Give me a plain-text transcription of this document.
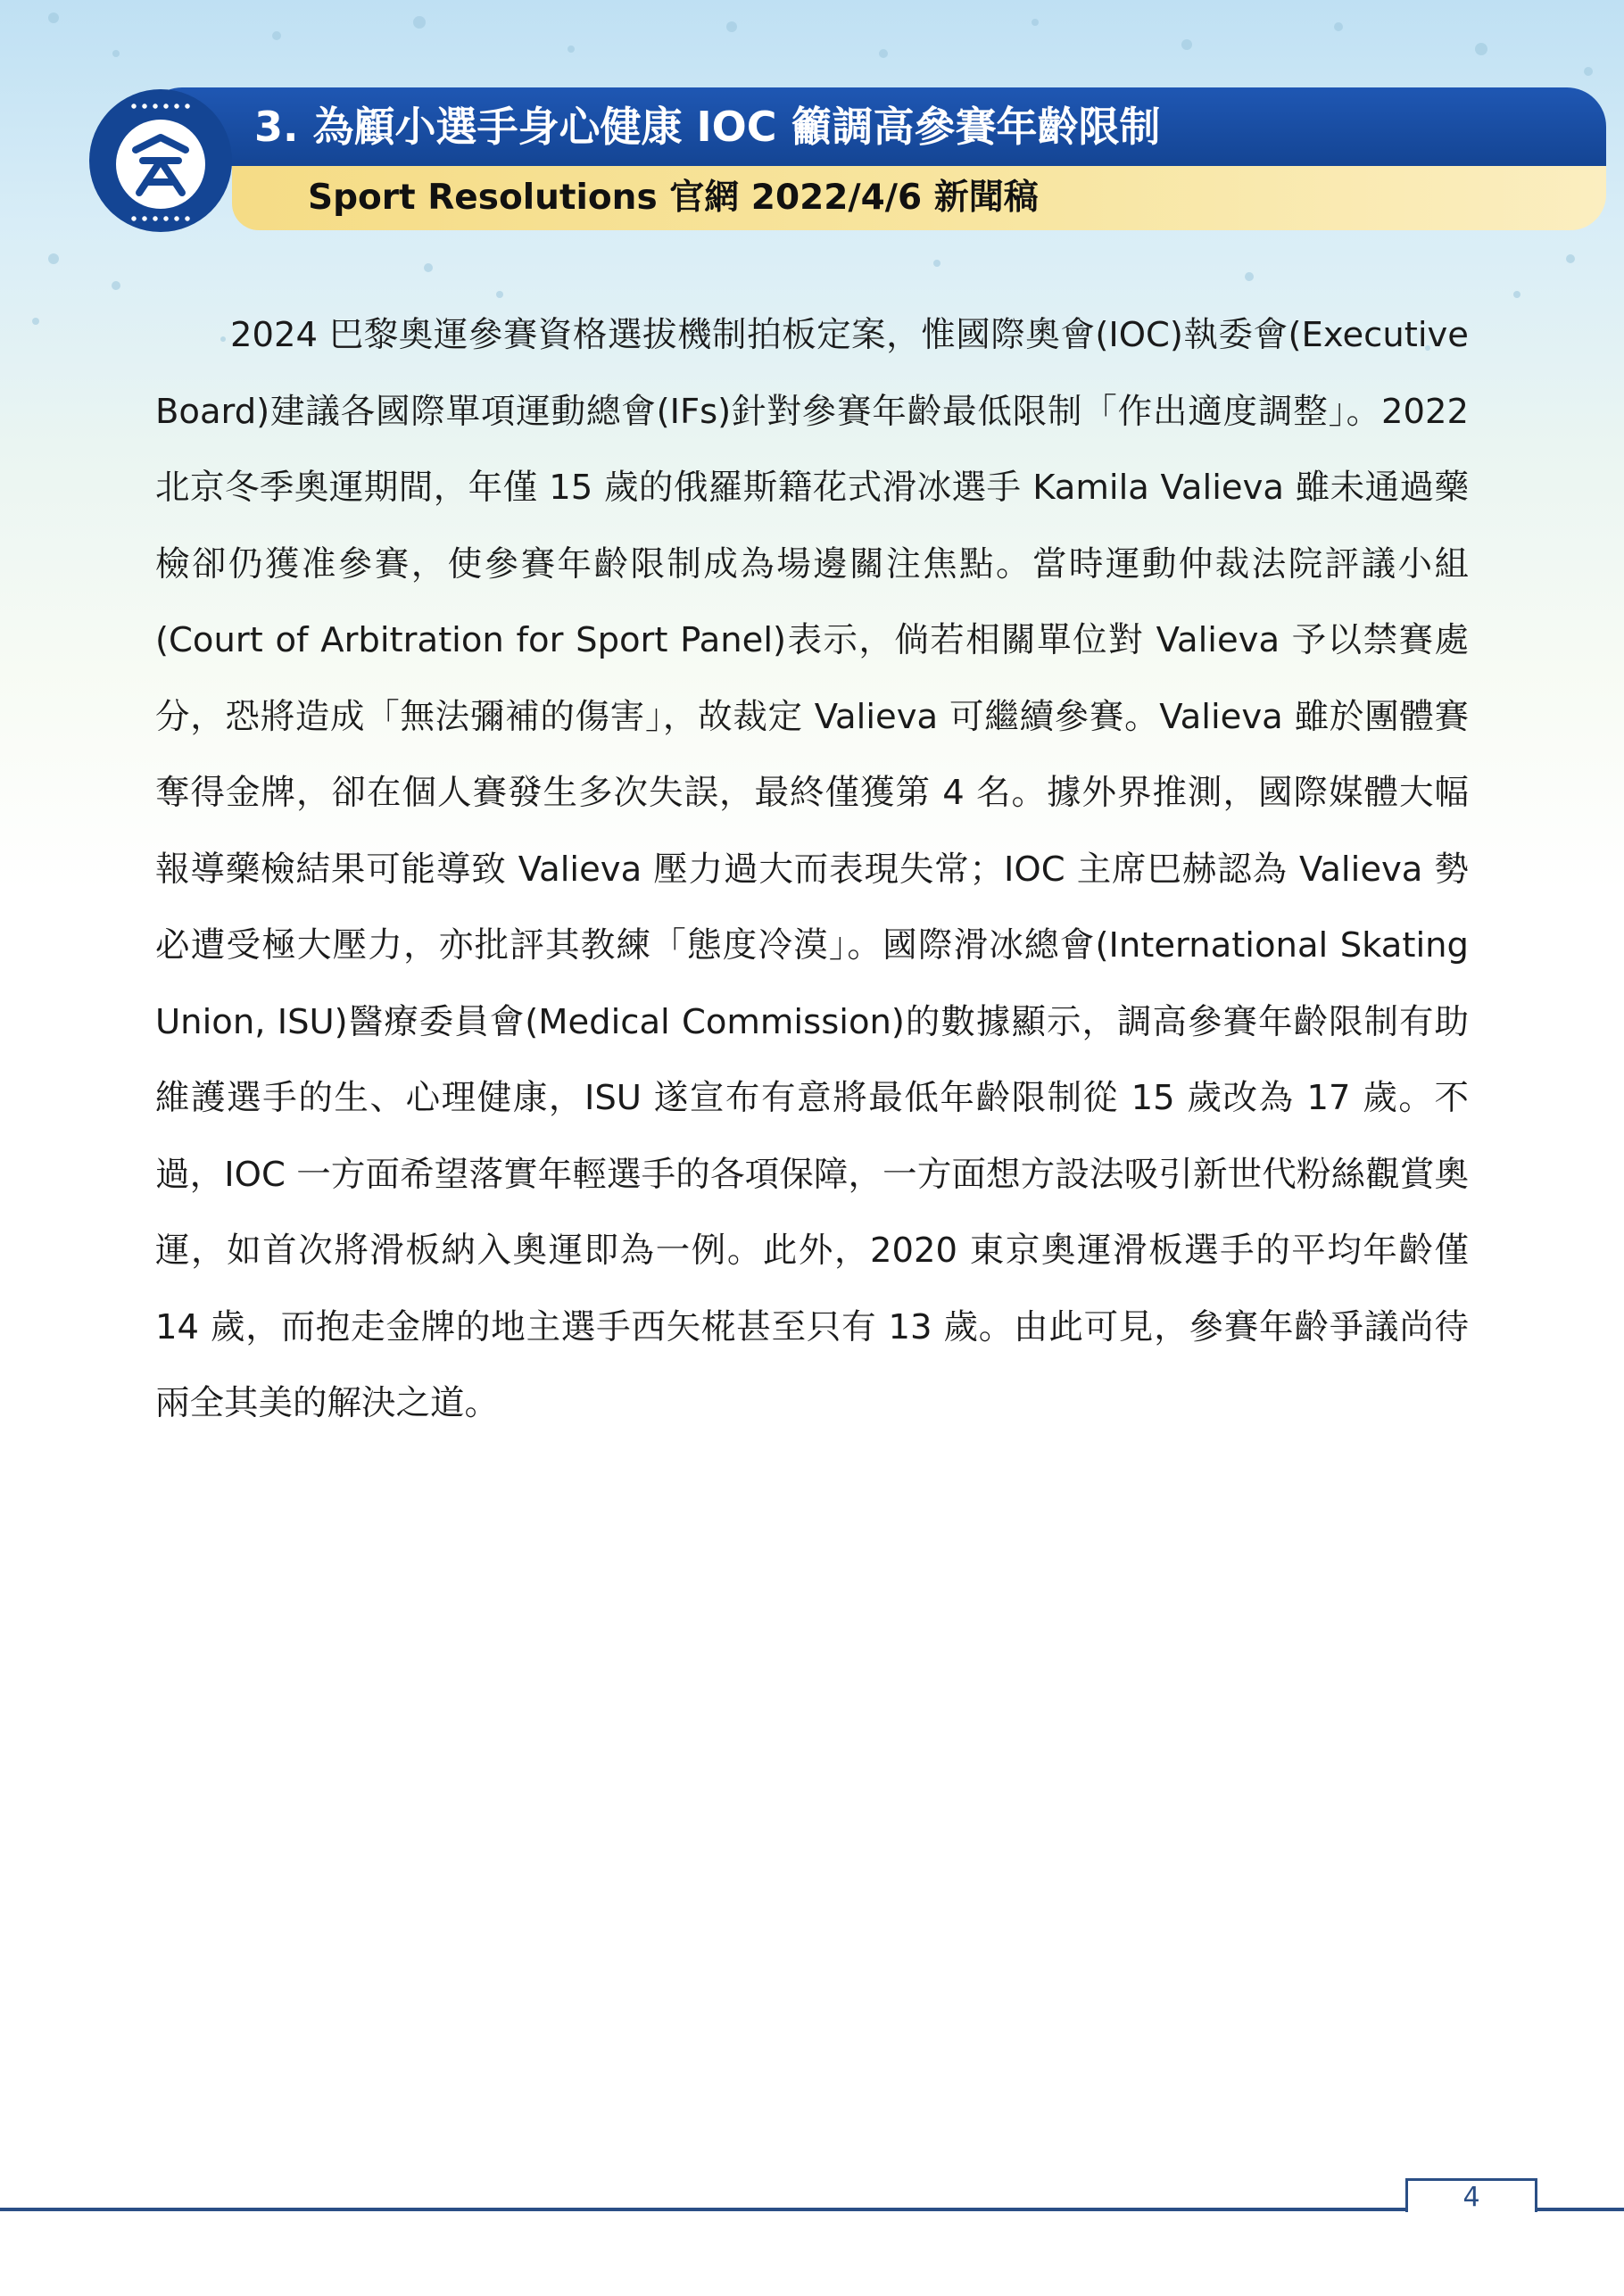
3. 為顧小選手身心健康 IOC 籲調高參賽年齡限制
Sport Resolutions 官網 2022/4/6 新聞稿

2024 巴黎奧運參賽資格選拔機制拍板定案，惟國際奧會(IOC)執委會(Executive Board)建議各國際單項運動總會(IFs)針對參賽年齡最低限制「作出適度調整」。2022 北京冬季奧運期間，年僅 15 歲的俄羅斯籍花式滑冰選手 Kamila Valieva 雖未通過藥檢卻仍獲准參賽，使參賽年齡限制成為場邊關注焦點。當時運動仲裁法院評議小組(Court of Arbitration for Sport Panel)表示，倘若相關單位對 Valieva 予以禁賽處分，恐將造成「無法彌補的傷害」，故裁定 Valieva 可繼續參賽。Valieva 雖於團體賽奪得金牌，卻在個人賽發生多次失誤，最終僅獲第 4 名。據外界推測，國際媒體大幅報導藥檢結果可能導致 Valieva 壓力過大而表現失常；IOC 主席巴赫認為 Valieva 勢必遭受極大壓力，亦批評其教練「態度冷漠」。國際滑冰總會(International Skating Union, ISU)醫療委員會(Medical Commission)的數據顯示，調高參賽年齡限制有助維護選手的生、心理健康，ISU 遂宣布有意將最低年齡限制從 15 歲改為 17 歲。不過，IOC 一方面希望落實年輕選手的各項保障，一方面想方設法吸引新世代粉絲觀賞奧運，如首次將滑板納入奧運即為一例。此外，2020 東京奧運滑板選手的平均年齡僅 14 歲，而抱走金牌的地主選手西矢椛甚至只有 13 歲。由此可見，參賽年齡爭議尚待兩全其美的解決之道。

4
